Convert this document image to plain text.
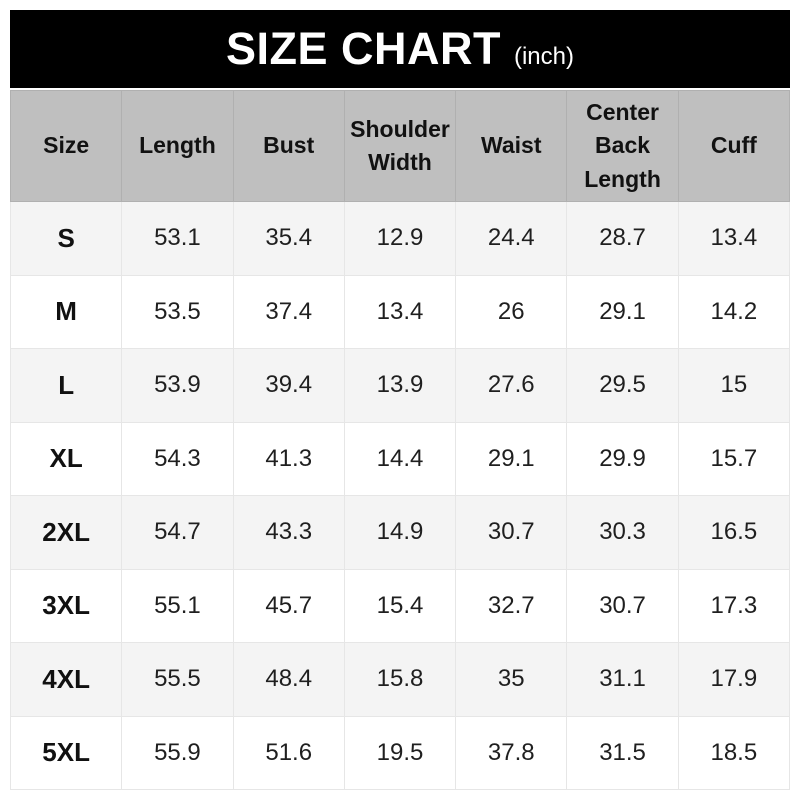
SIZE CHART (inch)
Size	Length	Bust	Shoulder Width	Waist	Center Back Length	Cuff
S	53.1	35.4	12.9	24.4	28.7	13.4
M	53.5	37.4	13.4	26	29.1	14.2
L	53.9	39.4	13.9	27.6	29.5	15
XL	54.3	41.3	14.4	29.1	29.9	15.7
2XL	54.7	43.3	14.9	30.7	30.3	16.5
3XL	55.1	45.7	15.4	32.7	30.7	17.3
4XL	55.5	48.4	15.8	35	31.1	17.9
5XL	55.9	51.6	19.5	37.8	31.5	18.5
